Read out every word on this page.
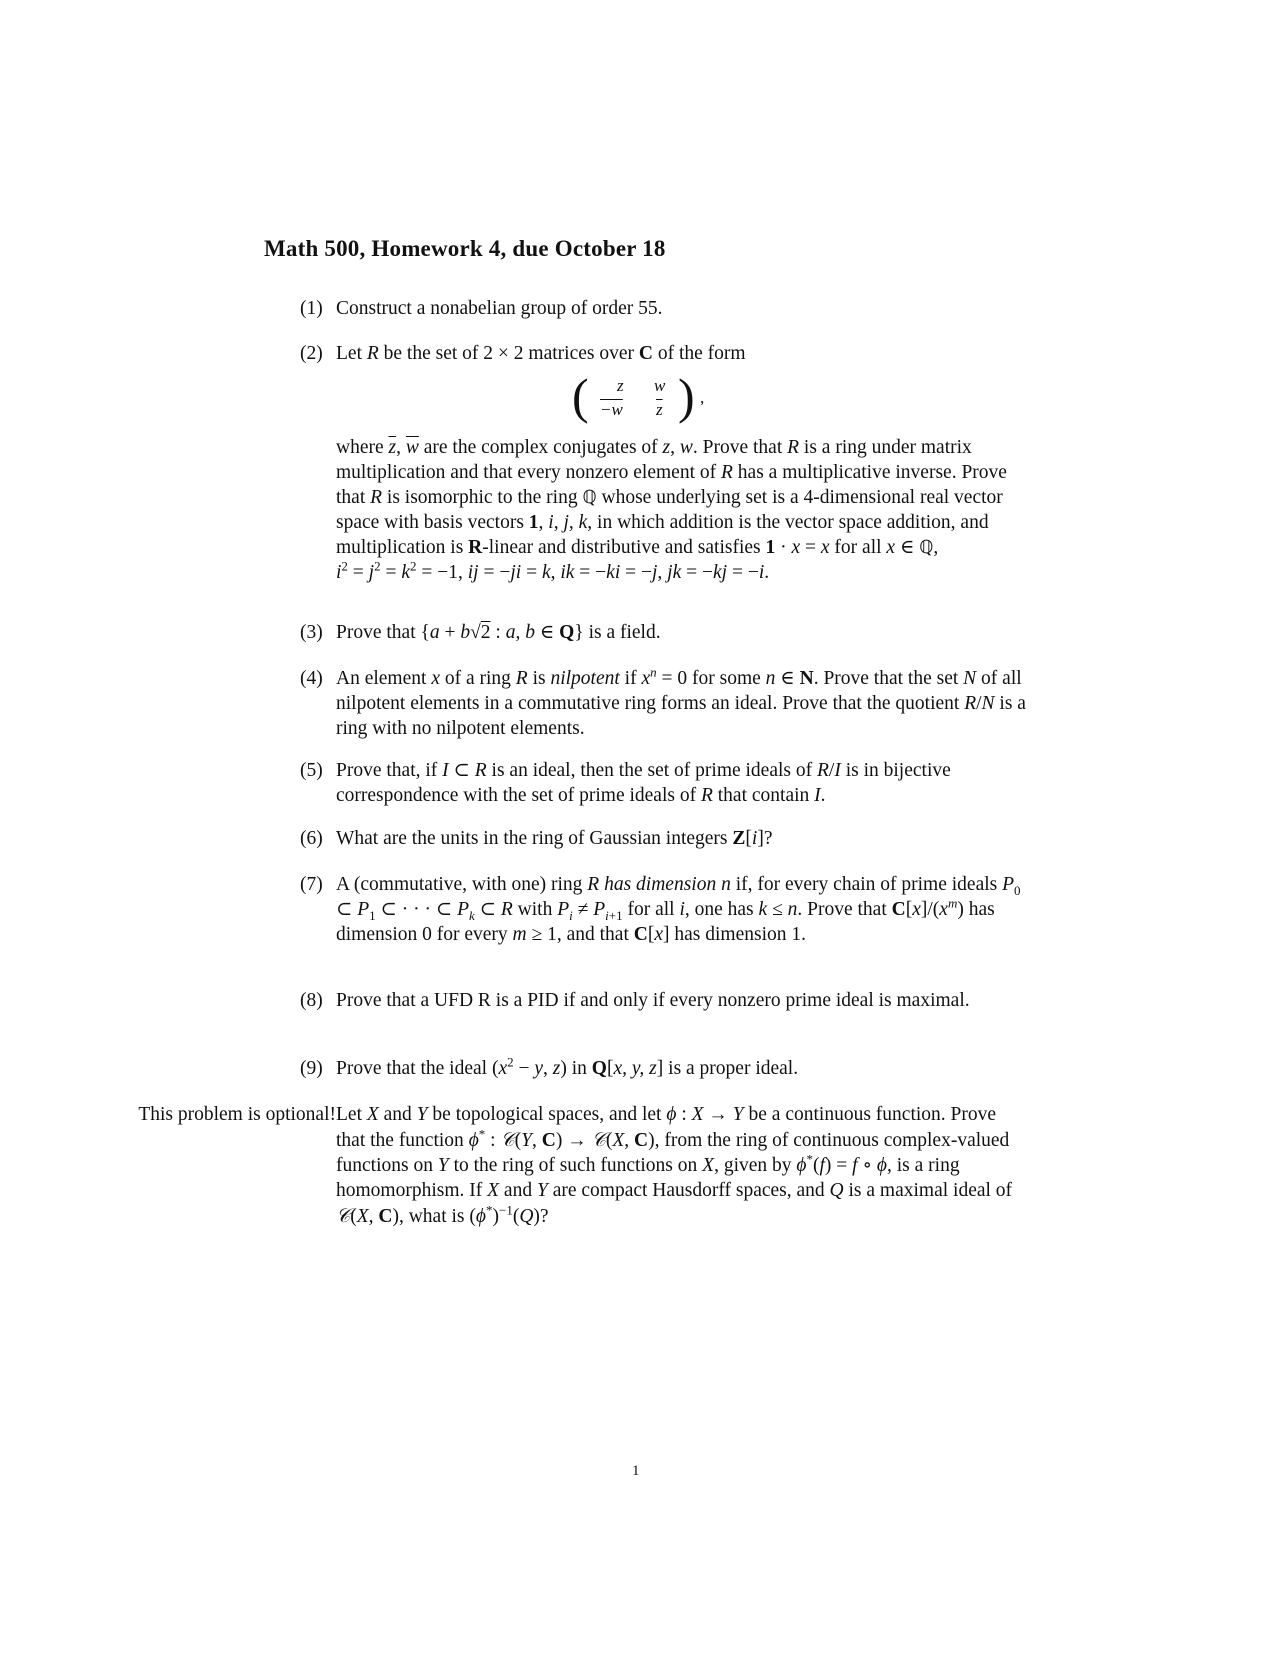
Math 500, Homework 4, due October 18
(1) Construct a nonabelian group of order 55.
(2) Let R be the set of 2 × 2 matrices over C of the form
( z w
−w $\overline{z}$ ) ,
where $\overline{z}$, $\overline{w}$ are the complex conjugates of z, w. Prove that R is a ring under matrix multiplication and that every nonzero element of R has a multiplicative inverse. Prove that R is isomorphic to the ring ℚ whose underlying set is a 4-dimensional real vector space with basis vectors 1, i, j, k, in which addition is the vector space addition, and multiplication is R-linear and distributive and satisfies 1 · x = x for all x ∈ ℚ,
$i^2 = j^2 = k^2 = -1$, ij = −ji = k, ik = −ki = −j, jk = −kj = −i.
(3) Prove that {a + b√2 : a, b ∈ Q} is a field.
(4) An element x of a ring R is nilpotent if $x^n = 0$ for some n ∈ N. Prove that the set N of all nilpotent elements in a commutative ring forms an ideal. Prove that the quotient R/N is a ring with no nilpotent elements.
(5) Prove that, if I ⊂ R is an ideal, then the set of prime ideals of R/I is in bijective correspondence with the set of prime ideals of R that contain I.
(6) What are the units in the ring of Gaussian integers Z[i]?
(7) A (commutative, with one) ring R has dimension n if, for every chain of prime ideals $P_0$ ⊂ $P_1$ ⊂ · · · ⊂ $P_k$ ⊂ R with $P_i \ne P_{i+1}$ for all i, one has k ≤ n. Prove that $C[x]/(x^m)$ has dimension 0 for every m ≥ 1, and that C[x] has dimension 1.
(8) Prove that a UFD R is a PID if and only if every nonzero prime ideal is maximal.
(9) Prove that the ideal ($x^2 - y$, z) in Q[x, y, z] is a proper ideal.
This problem is optional! Let X and Y be topological spaces, and let ϕ : X → Y be a continuous function. Prove that the function ϕ* : 𝒞(Y, C) → 𝒞(X, C), from the ring of continuous complex-valued functions on Y to the ring of such functions on X, given by ϕ*(f) = f ∘ ϕ, is a ring homomorphism. If X and Y are compact Hausdorff spaces, and Q is a maximal ideal of 𝒞(X, C), what is $(\phi^*)^{-1}(Q)$?
1
